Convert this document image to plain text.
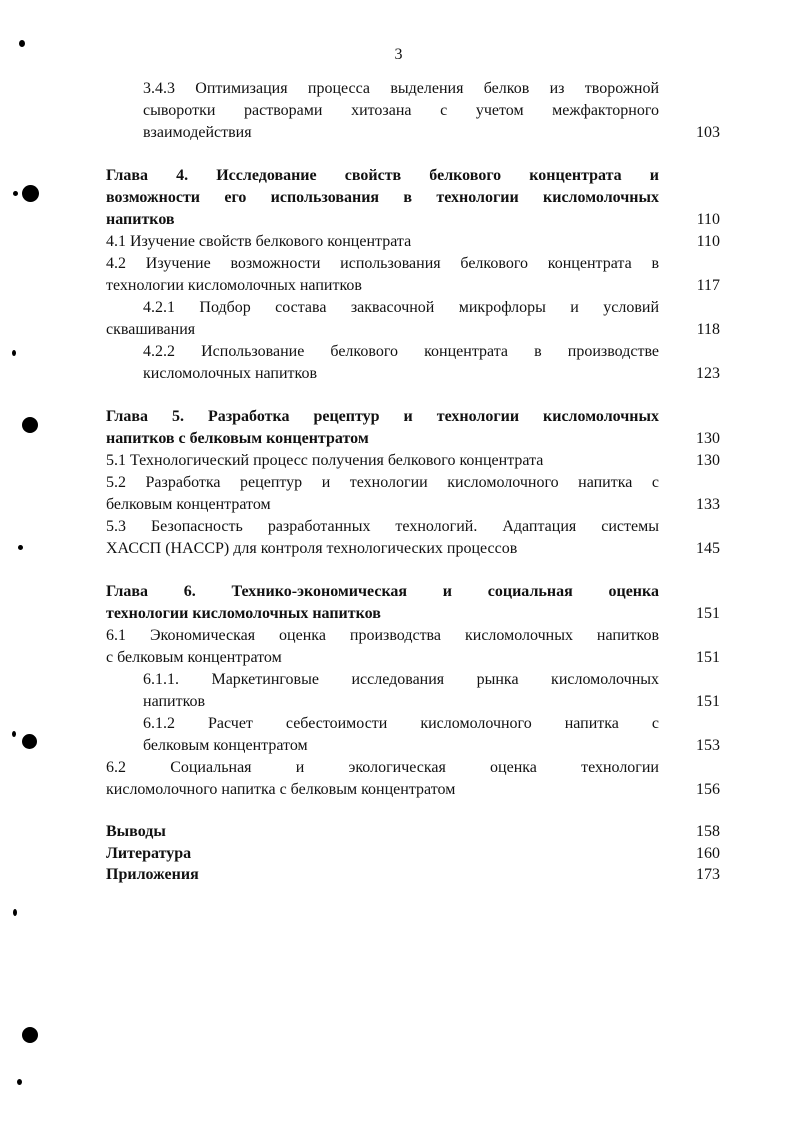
3
3.4.3 Оптимизация процесса выделения белков из творожной
сыворотки растворами хитозана с учетом межфакторного
взаимодействия	103
Глава 4. Исследование свойств белкового концентрата и
возможности его использования в технологии кисломолочных
напитков	110
4.1 Изучение свойств белкового концентрата	110
4.2 Изучение возможности использования белкового концентрата в
технологии кисломолочных напитков	117
4.2.1 Подбор состава заквасочной микрофлоры и условий
сквашивания	118
4.2.2 Использование белкового концентрата в производстве
кисломолочных напитков	123
Глава 5. Разработка рецептур и технологии кисломолочных
напитков с белковым концентратом	130
5.1 Технологический процесс получения белкового концентрата	130
5.2 Разработка рецептур и технологии кисломолочного напитка с
белковым концентратом	133
5.3 Безопасность разработанных технологий. Адаптация системы
ХАССП (HACCP) для контроля технологических процессов	145
Глава 6. Технико-экономическая и социальная оценка
технологии кисломолочных напитков	151
6.1 Экономическая оценка производства кисломолочных напитков
с белковым концентратом	151
6.1.1. Маркетинговые исследования рынка кисломолочных
напитков	151
6.1.2 Расчет себестоимости кисломолочного напитка с
белковым концентратом	153
6.2 Социальная и экологическая оценка технологии
кисломолочного напитка с белковым концентратом	156
Выводы	158
Литература	160
Приложения	173
